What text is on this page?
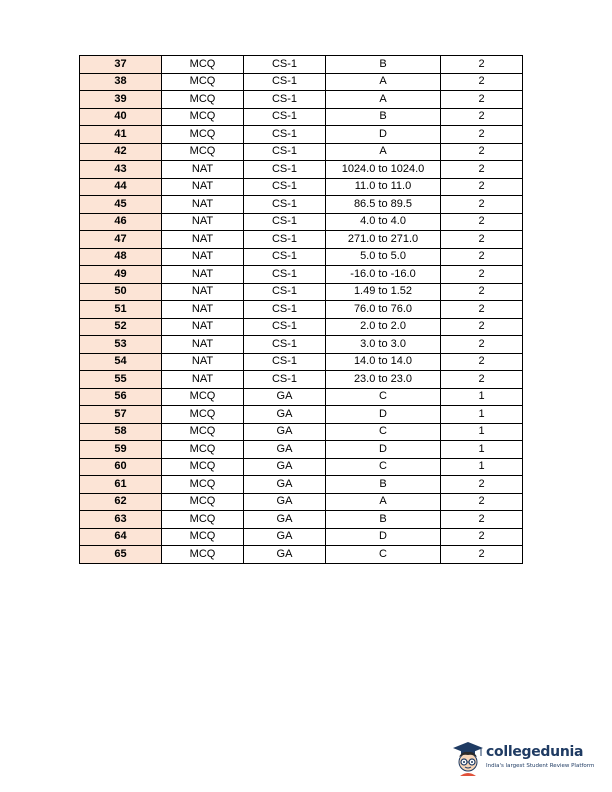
37	MCQ	CS-1	B	2
38	MCQ	CS-1	A	2
39	MCQ	CS-1	A	2
40	MCQ	CS-1	B	2
41	MCQ	CS-1	D	2
42	MCQ	CS-1	A	2
43	NAT	CS-1	1024.0 to 1024.0	2
44	NAT	CS-1	11.0 to 11.0	2
45	NAT	CS-1	86.5 to 89.5	2
46	NAT	CS-1	4.0 to 4.0	2
47	NAT	CS-1	271.0 to 271.0	2
48	NAT	CS-1	5.0 to 5.0	2
49	NAT	CS-1	-16.0 to -16.0	2
50	NAT	CS-1	1.49 to 1.52	2
51	NAT	CS-1	76.0 to 76.0	2
52	NAT	CS-1	2.0 to 2.0	2
53	NAT	CS-1	3.0 to 3.0	2
54	NAT	CS-1	14.0 to 14.0	2
55	NAT	CS-1	23.0 to 23.0	2
56	MCQ	GA	C	1
57	MCQ	GA	D	1
58	MCQ	GA	C	1
59	MCQ	GA	D	1
60	MCQ	GA	C	1
61	MCQ	GA	B	2
62	MCQ	GA	A	2
63	MCQ	GA	B	2
64	MCQ	GA	D	2
65	MCQ	GA	C	2
collegedunia
India's largest Student Review Platform
